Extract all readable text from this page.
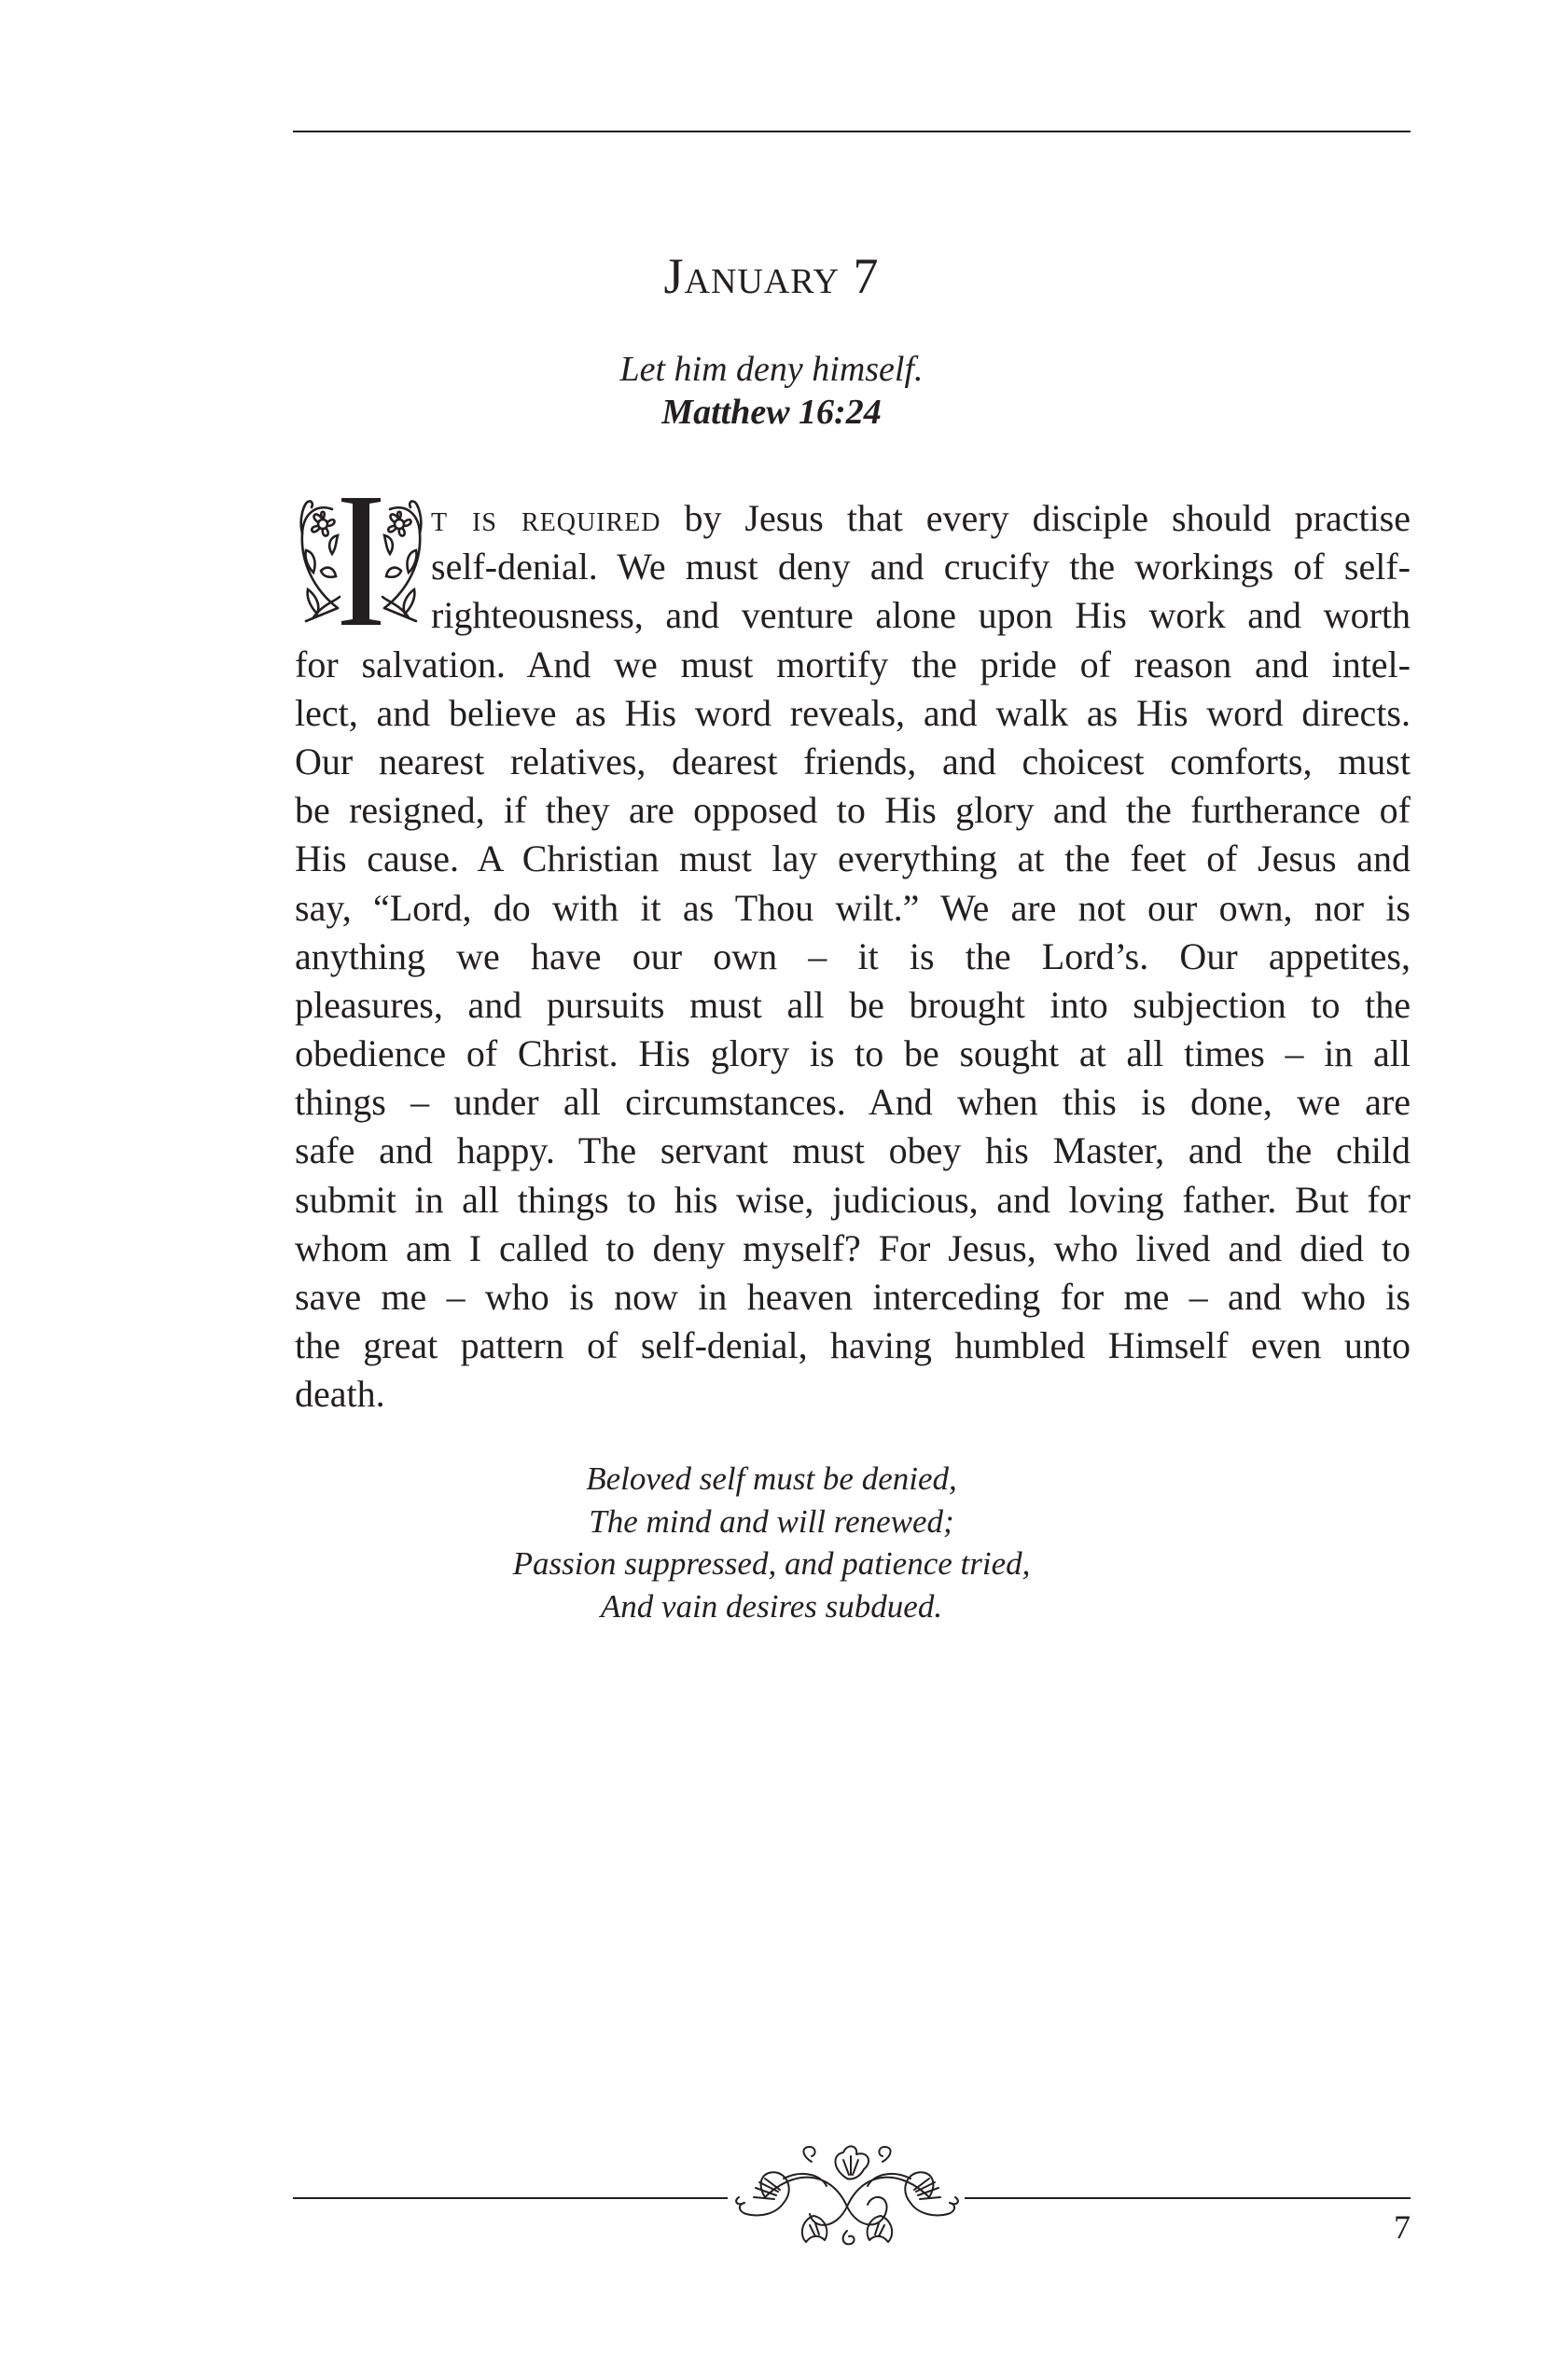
January 7
Let him deny himself.
Matthew 16:24
t is required by Jesus that every disciple should practise
self-denial. We must deny and crucify the workings of self-
righteousness, and venture alone upon His work and worth
for salvation. And we must mortify the pride of reason and intel-
lect, and believe as His word reveals, and walk as His word directs.
Our nearest relatives, dearest friends, and choicest comforts, must
be resigned, if they are opposed to His glory and the furtherance of
His cause. A Christian must lay everything at the feet of Jesus and
say, “Lord, do with it as Thou wilt.” We are not our own, nor is
anything we have our own – it is the Lord’s. Our appetites,
pleasures, and pursuits must all be brought into subjection to the
obedience of Christ. His glory is to be sought at all times – in all
things – under all circumstances. And when this is done, we are
safe and happy. The servant must obey his Master, and the child
submit in all things to his wise, judicious, and loving father. But for
whom am I called to deny myself? For Jesus, who lived and died to
save me – who is now in heaven interceding for me – and who is
the great pattern of self-denial, having humbled Himself even unto
death.
Beloved self must be denied,
The mind and will renewed;
Passion suppressed, and patience tried,
And vain desires subdued.
7
